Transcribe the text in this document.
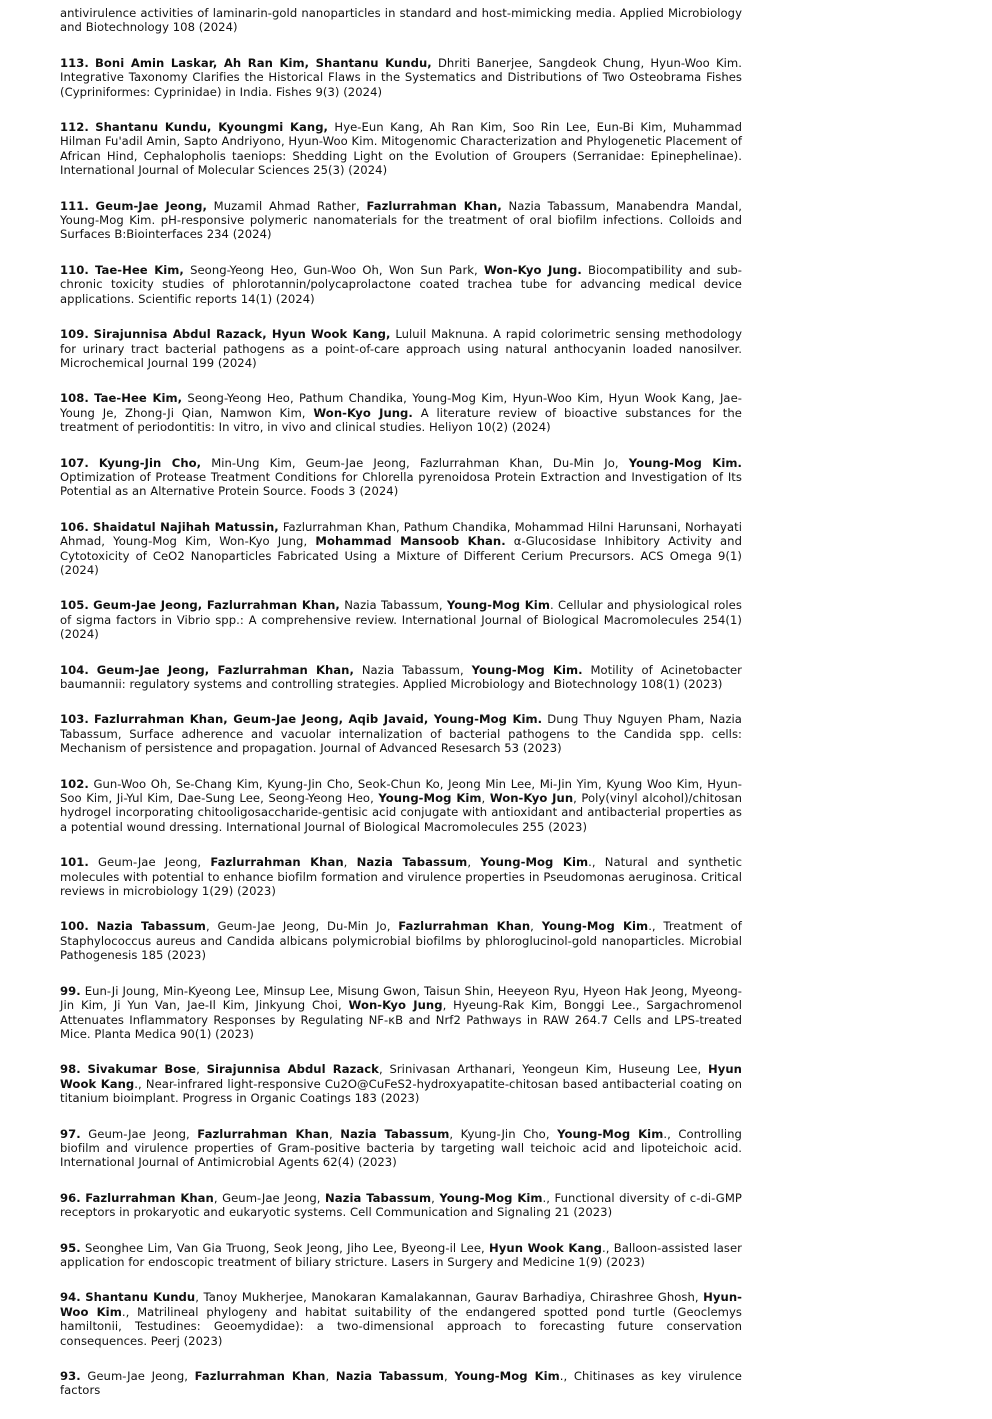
antivirulence activities of laminarin-gold nanoparticles in standard and host-mimicking media. Applied Microbiology and Biotechnology 108 (2024)

113. Boni Amin Laskar, Ah Ran Kim, Shantanu Kundu, Dhriti Banerjee, Sangdeok Chung, Hyun-Woo Kim. Integrative Taxonomy Clarifies the Historical Flaws in the Systematics and Distributions of Two Osteobrama Fishes (Cypriniformes: Cyprinidae) in India. Fishes 9(3) (2024)

112. Shantanu Kundu, Kyoungmi Kang, Hye-Eun Kang, Ah Ran Kim, Soo Rin Lee, Eun-Bi Kim, Muhammad Hilman Fu'adil Amin, Sapto Andriyono, Hyun-Woo Kim. Mitogenomic Characterization and Phylogenetic Placement of African Hind, Cephalopholis taeniops: Shedding Light on the Evolution of Groupers (Serranidae: Epinephelinae). International Journal of Molecular Sciences 25(3) (2024)

111. Geum-Jae Jeong, Muzamil Ahmad Rather, Fazlurrahman Khan, Nazia Tabassum, Manabendra Mandal, Young-Mog Kim. pH-responsive polymeric nanomaterials for the treatment of oral biofilm infections. Colloids and Surfaces B:Biointerfaces 234 (2024)

110. Tae-Hee Kim, Seong-Yeong Heo, Gun-Woo Oh, Won Sun Park, Won-Kyo Jung. Biocompatibility and sub-chronic toxicity studies of phlorotannin/polycaprolactone coated trachea tube for advancing medical device applications. Scientific reports 14(1) (2024)

109. Sirajunnisa Abdul Razack, Hyun Wook Kang, Luluil Maknuna. A rapid colorimetric sensing methodology for urinary tract bacterial pathogens as a point-of-care approach using natural anthocyanin loaded nanosilver. Microchemical Journal 199 (2024)

108. Tae-Hee Kim, Seong-Yeong Heo, Pathum Chandika, Young-Mog Kim, Hyun-Woo Kim, Hyun Wook Kang, Jae-Young Je, Zhong-Ji Qian, Namwon Kim, Won-Kyo Jung. A literature review of bioactive substances for the treatment of periodontitis: In vitro, in vivo and clinical studies. Heliyon 10(2) (2024)

107. Kyung-Jin Cho, Min-Ung Kim, Geum-Jae Jeong, Fazlurrahman Khan, Du-Min Jo, Young-Mog Kim. Optimization of Protease Treatment Conditions for Chlorella pyrenoidosa Protein Extraction and Investigation of Its Potential as an Alternative Protein Source. Foods 3 (2024)

106. Shaidatul Najihah Matussin, Fazlurrahman Khan, Pathum Chandika, Mohammad Hilni Harunsani, Norhayati Ahmad, Young-Mog Kim, Won-Kyo Jung, Mohammad Mansoob Khan. α-Glucosidase Inhibitory Activity and Cytotoxicity of CeO2 Nanoparticles Fabricated Using a Mixture of Different Cerium Precursors. ACS Omega 9(1) (2024)

105. Geum-Jae Jeong, Fazlurrahman Khan, Nazia Tabassum, Young-Mog Kim. Cellular and physiological roles of sigma factors in Vibrio spp.: A comprehensive review. International Journal of Biological Macromolecules 254(1) (2024)

104. Geum-Jae Jeong, Fazlurrahman Khan, Nazia Tabassum, Young-Mog Kim. Motility of Acinetobacter baumannii: regulatory systems and controlling strategies. Applied Microbiology and Biotechnology 108(1) (2023)

103. Fazlurrahman Khan, Geum-Jae Jeong, Aqib Javaid, Young-Mog Kim. Dung Thuy Nguyen Pham, Nazia Tabassum, Surface adherence and vacuolar internalization of bacterial pathogens to the Candida spp. cells: Mechanism of persistence and propagation. Journal of Advanced Resesarch 53 (2023)

102. Gun-Woo Oh, Se-Chang Kim, Kyung-Jin Cho, Seok-Chun Ko, Jeong Min Lee, Mi-Jin Yim, Kyung Woo Kim, Hyun-Soo Kim, Ji-Yul Kim, Dae-Sung Lee, Seong-Yeong Heo, Young-Mog Kim, Won-Kyo Jun, Poly(vinyl alcohol)/chitosan hydrogel incorporating chitooligosaccharide-gentisic acid conjugate with antioxidant and antibacterial properties as a potential wound dressing. International Journal of Biological Macromolecules 255 (2023)

101. Geum-Jae Jeong, Fazlurrahman Khan, Nazia Tabassum, Young-Mog Kim., Natural and synthetic molecules with potential to enhance biofilm formation and virulence properties in Pseudomonas aeruginosa. Critical reviews in microbiology 1(29) (2023)

100. Nazia Tabassum, Geum-Jae Jeong, Du-Min Jo, Fazlurrahman Khan, Young-Mog Kim., Treatment of Staphylococcus aureus and Candida albicans polymicrobial biofilms by phloroglucinol-gold nanoparticles. Microbial Pathogenesis 185 (2023)

99. Eun-Ji Joung, Min-Kyeong Lee, Minsup Lee, Misung Gwon, Taisun Shin, Heeyeon Ryu, Hyeon Hak Jeong, Myeong-Jin Kim, Ji Yun Van, Jae-Il Kim, Jinkyung Choi, Won-Kyo Jung, Hyeung-Rak Kim, Bonggi Lee., Sargachromenol Attenuates Inflammatory Responses by Regulating NF-κB and Nrf2 Pathways in RAW 264.7 Cells and LPS-treated Mice. Planta Medica 90(1) (2023)

98. Sivakumar Bose, Sirajunnisa Abdul Razack, Srinivasan Arthanari, Yeongeun Kim, Huseung Lee, Hyun Wook Kang., Near-infrared light-responsive Cu2O@CuFeS2-hydroxyapatite-chitosan based antibacterial coating on titanium bioimplant. Progress in Organic Coatings 183 (2023)

97. Geum-Jae Jeong, Fazlurrahman Khan, Nazia Tabassum, Kyung-Jin Cho, Young-Mog Kim., Controlling biofilm and virulence properties of Gram-positive bacteria by targeting wall teichoic acid and lipoteichoic acid. International Journal of Antimicrobial Agents 62(4) (2023)

96. Fazlurrahman Khan, Geum-Jae Jeong, Nazia Tabassum, Young-Mog Kim., Functional diversity of c-di-GMP receptors in prokaryotic and eukaryotic systems. Cell Communication and Signaling 21 (2023)

95. Seonghee Lim, Van Gia Truong, Seok Jeong, Jiho Lee, Byeong-il Lee, Hyun Wook Kang., Balloon-assisted laser application for endoscopic treatment of biliary stricture. Lasers in Surgery and Medicine 1(9) (2023)

94. Shantanu Kundu, Tanoy Mukherjee, Manokaran Kamalakannan, Gaurav Barhadiya, Chirashree Ghosh, Hyun-Woo Kim., Matrilineal phylogeny and habitat suitability of the endangered spotted pond turtle (Geoclemys hamiltonii, Testudines: Geoemydidae): a two-dimensional approach to forecasting future conservation consequences. Peerj (2023)

93. Geum-Jae Jeong, Fazlurrahman Khan, Nazia Tabassum, Young-Mog Kim., Chitinases as key virulence factors
